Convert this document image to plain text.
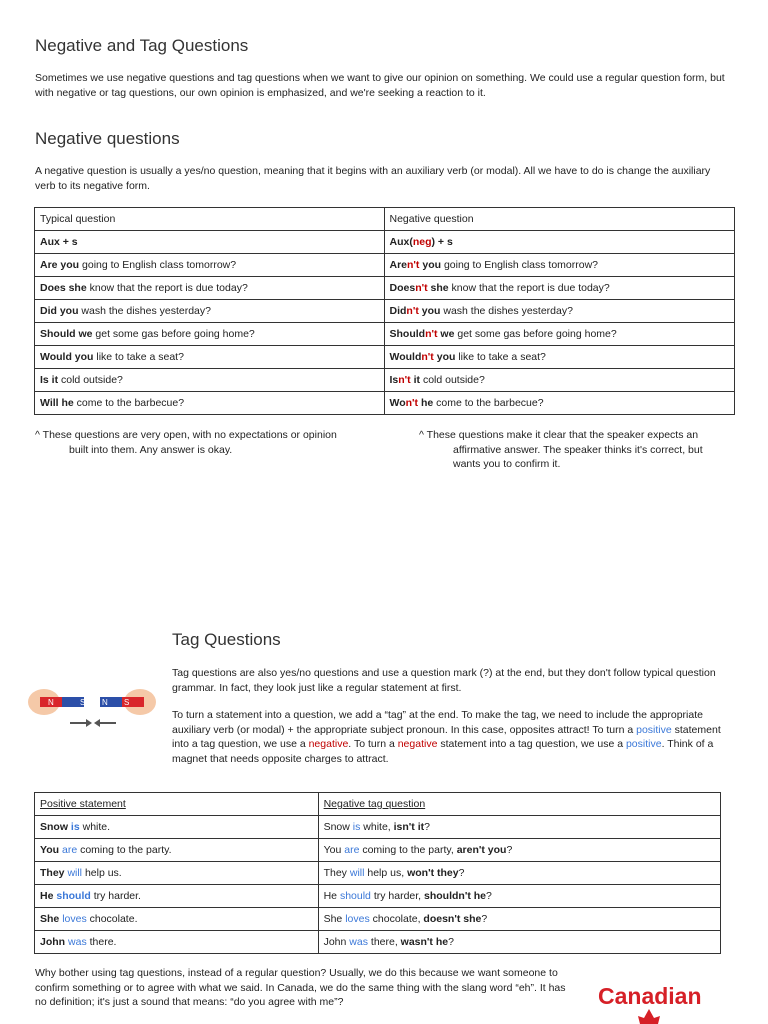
Negative and Tag Questions
Sometimes we use negative questions and tag questions when we want to give our opinion on something. We could use a regular question form, but with negative or tag questions, our own opinion is emphasized, and we're seeking a reaction to it.
Negative questions
A negative question is usually a yes/no question, meaning that it begins with an auxiliary verb (or modal). All we have to do is change the auxiliary verb to its negative form.
Typical question	Negative question
Aux + s	Aux(neg) + s
Are you going to English class tomorrow?	Aren't you going to English class tomorrow?
Does she know that the report is due today?	Doesn't she know that the report is due today?
Did you wash the dishes yesterday?	Didn't you wash the dishes yesterday?
Should we get some gas before going home?	Shouldn't we get some gas before going home?
Would you like to take a seat?	Wouldn't you like to take a seat?
Is it cold outside?	Isn't it cold outside?
Will he come to the barbecue?	Won't he come to the barbecue?
^ These questions are very open, with no expectations or opinion
built into them. Any answer is okay.
^ These questions make it clear that the speaker expects an
affirmative answer. The speaker thinks it's correct, but
wants you to confirm it.
Tag Questions
Tag questions are also yes/no questions and use a question mark (?) at the end, but they don't follow typical question grammar. In fact, they look just like a regular statement at first.
To turn a statement into a question, we add a “tag” at the end. To make the tag, we need to include the appropriate auxiliary verb (or modal) + the appropriate subject pronoun. In this case, opposites attract! To turn a positive statement into a tag question, we use a negative. To turn a negative statement into a tag question, we use a positive. Think of a magnet that needs opposite charges to attract.
N	S N S
Positive statement	Negative tag question
Snow is white.	Snow is white, isn't it?
You are coming to the party.	You are coming to the party, aren't you?
They will help us.	They will help us, won't they?
He should try harder.	He should try harder, shouldn't he?
She loves chocolate.	She loves chocolate, doesn't she?
John was there.	John was there, wasn't he?
Why bother using tag questions, instead of a regular question? Usually, we do this because we want someone to confirm something or to agree with what we said. In Canada, we do the same thing with the slang word “eh”. It has no definition; it's just a sound that means: “do you agree with me”?	Canadian
